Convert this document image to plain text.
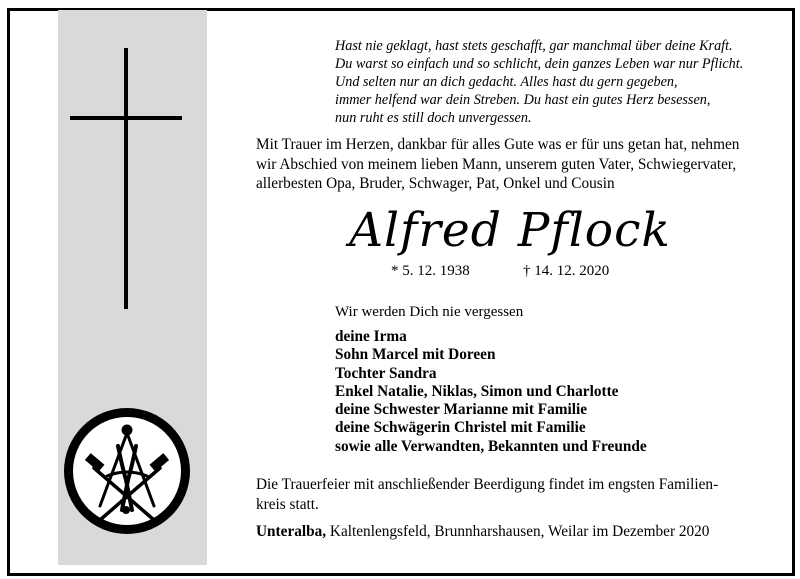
Hast nie geklagt, hast stets geschafft, gar manchmal über deine Kraft.
Du warst so einfach und so schlicht, dein ganzes Leben war nur Pflicht.
Und selten nur an dich gedacht. Alles hast du gern gegeben,
immer helfend war dein Streben. Du hast ein gutes Herz besessen,
nun ruht es still doch unvergessen.
Mit Trauer im Herzen, dankbar für alles Gute was er für uns getan hat, nehmen
wir Abschied von meinem lieben Mann, unserem guten Vater, Schwiegervater,
allerbesten Opa, Bruder, Schwager, Pat, Onkel und Cousin
Alfred Pflock
* 5. 12. 1938	† 14. 12. 2020
Wir werden Dich nie vergessen
deine Irma
Sohn Marcel mit Doreen
Tochter Sandra
Enkel Natalie, Niklas, Simon und Charlotte
deine Schwester Marianne mit Familie
deine Schwägerin Christel mit Familie
sowie alle Verwandten, Bekannten und Freunde
Die Trauerfeier mit anschließender Beerdigung findet im engsten Familien-
kreis statt.
Unteralba, Kaltenlengsfeld, Brunnharshausen, Weilar im Dezember 2020
